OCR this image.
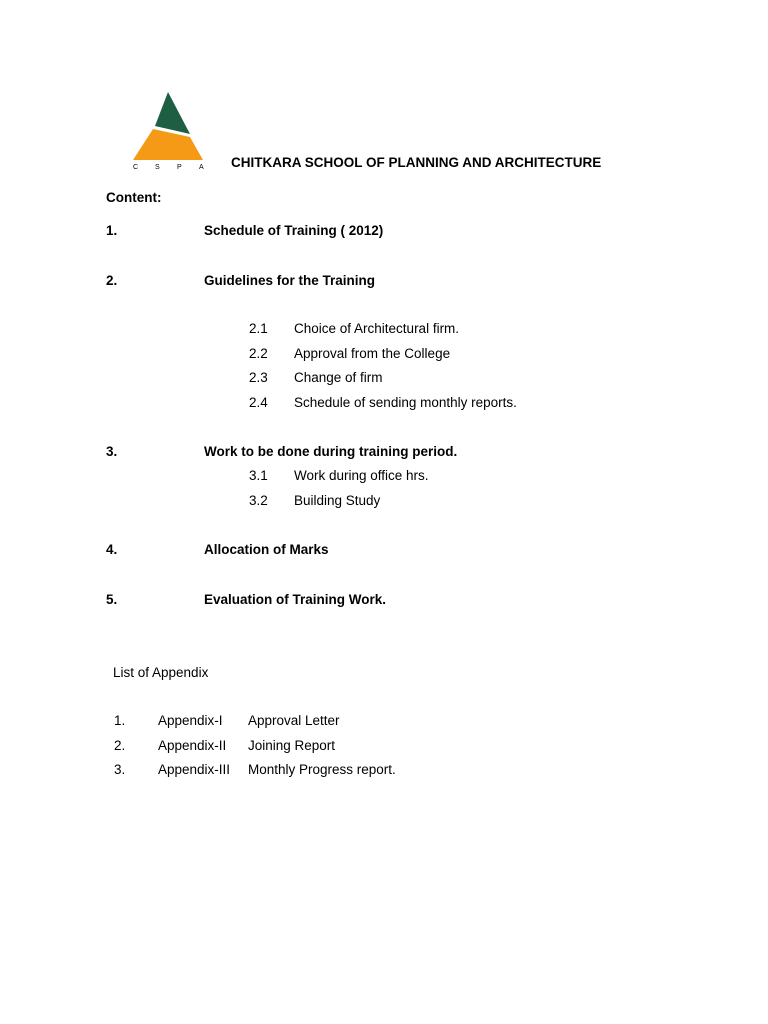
C S P A CHITKARA SCHOOL OF PLANNING AND ARCHITECTURE
Content:
1.	Schedule of Training ( 2012)
2.	Guidelines for the Training
2.1 Choice of Architectural firm.
2.2 Approval from the College
2.3 Change of firm
2.4 Schedule of sending monthly reports.
3.	Work to be done during training period.
3.1 Work during office hrs.
3.2 Building Study
4.	Allocation of Marks
5.	Evaluation of Training Work.
List of Appendix
1. Appendix-I Approval Letter
2. Appendix-II Joining Report
3. Appendix-III Monthly Progress report.
